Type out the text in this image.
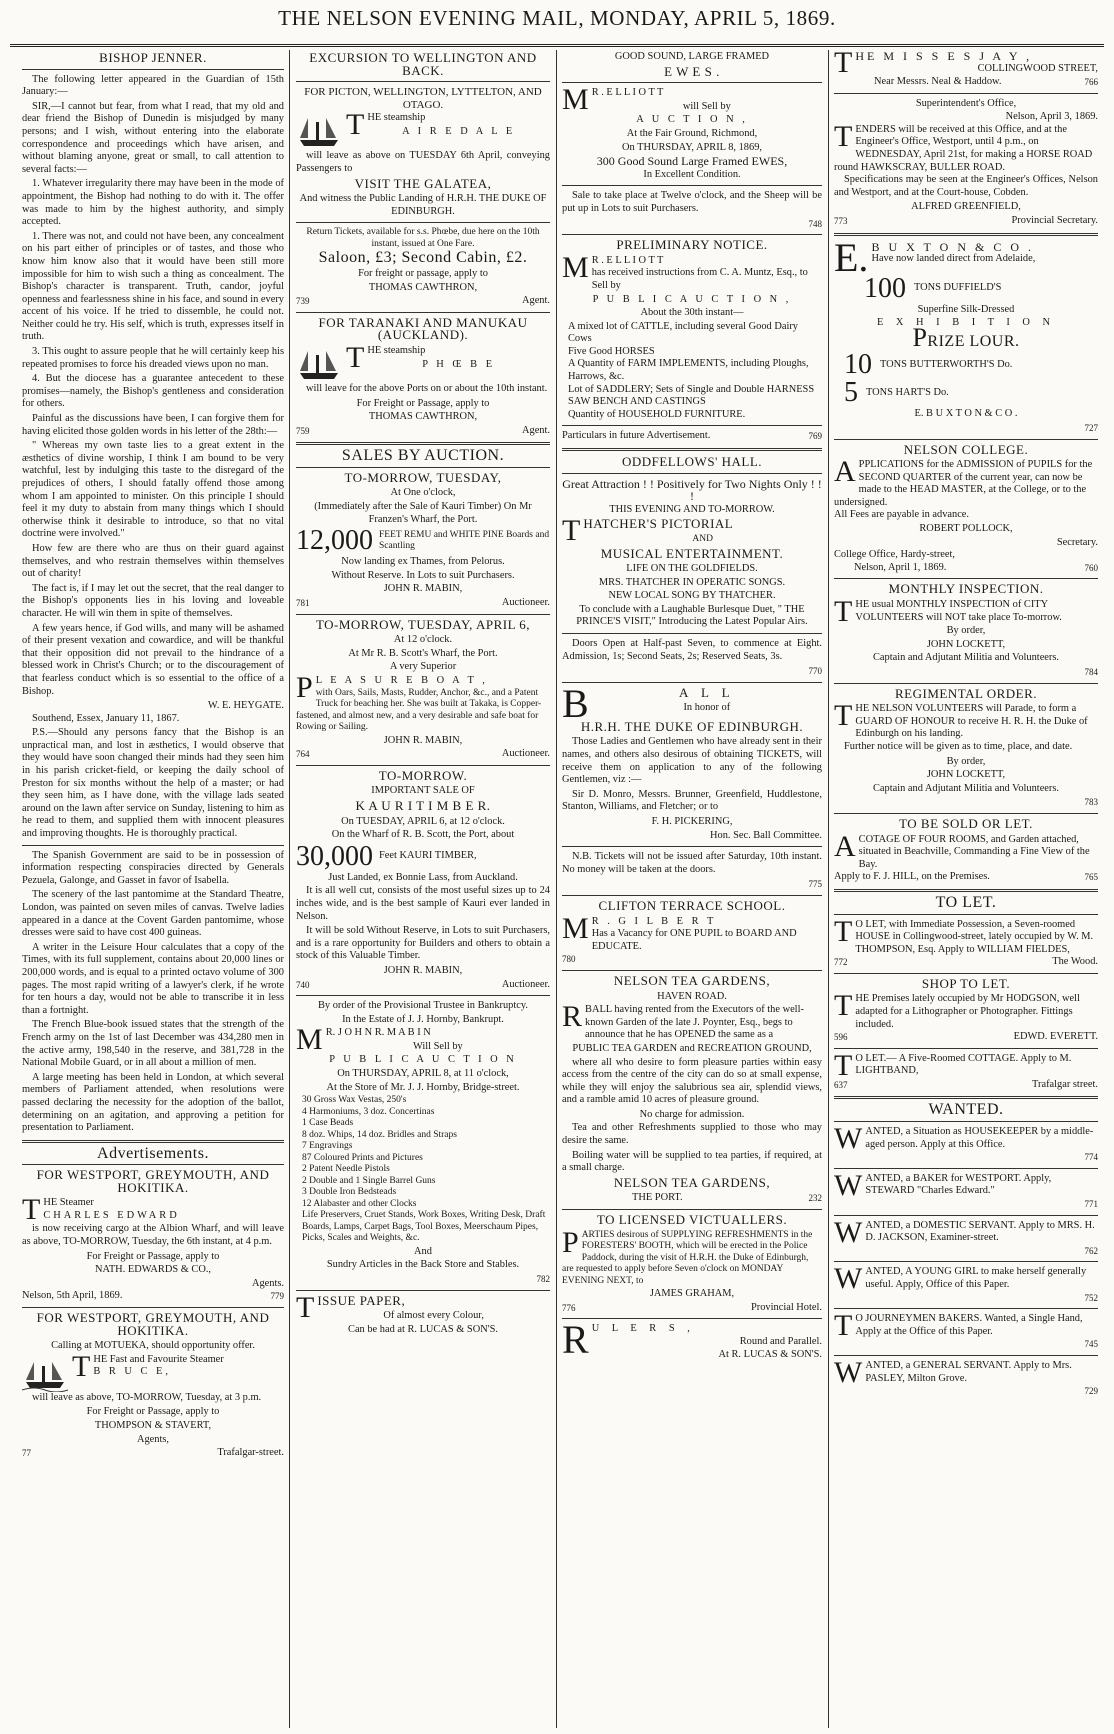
THE NELSON EVENING MAIL, MONDAY, APRIL 5, 1869.
BISHOP JENNER.

The following letter appeared in the Guardian of 15th January:—

SIR,—I cannot but fear, from what I read, that my old and dear friend the Bishop of Dunedin is misjudged by many persons; and I wish, without entering into the elaborate correspondence and proceedings which have arisen, and without blaming anyone, great or small, to call attention to several facts:—

1. Whatever irregularity there may have been in the mode of appointment, the Bishop had nothing to do with it. The offer was made to him by the highest authority, and simply accepted.

1. There was not, and could not have been, any concealment on his part either of principles or of tastes, and those who know him know also that it would have been still more impossible for him to wish such a thing as concealment. The Bishop's character is transparent. Truth, candor, joyful openness and fearlessness shine in his face, and sound in every accent of his voice. If he tried to dissemble, he could not. Neither could he try. His self, which is truth, expresses itself in truth.

3. This ought to assure people that he will certainly keep his repeated promises to force his dreaded views upon no man.

4. But the diocese has a guarantee antecedent to these promises—namely, the Bishop's gentleness and consideration for others.

Painful as the discussions have been, I can forgive them for having elicited those golden words in his letter of the 28th:—

" Whereas my own taste lies to a great extent in the æsthetics of divine worship, I think I am bound to be very watchful, lest by indulging this taste to the disregard of the prejudices of others, I should fatally offend those among whom I am appointed to minister. On this principle I should feel it my duty to abstain from many things which I should otherwise think it desirable to introduce, so that no vital doctrine were involved."

How few are there who are thus on their guard against themselves, and who restrain themselves within themselves out of charity!

The fact is, if I may let out the secret, that the real danger to the Bishop's opponents lies in his loving and loveable character. He will win them in spite of themselves.

A few years hence, if God wills, and many will be ashamed of their present vexation and cowardice, and will be thankful that their opposition did not prevail to the hindrance of a blessed work in Christ's Church; or to the discouragement of that fearless conduct which is so essential to the office of a Bishop.

W. E. HEYGATE.

Southend, Essex, January 11, 1867.

P.S.—Should any persons fancy that the Bishop is an unpractical man, and lost in æsthetics, I would observe that they would have soon changed their minds had they seen him in his parish cricket-field, or keeping the daily school of Preston for six months without the help of a master; or had they seen him, as I have done, with the village lads seated around on the lawn after service on Sunday, listening to him as he read to them, and supplied them with innocent pleasures and improving thoughts. He is thoroughly practical.

The Spanish Government are said to be in possession of information respecting conspiracies directed by Generals Pezuela, Galonge, and Gasset in favor of Isabella.

The scenery of the last pantomime at the Standard Theatre, London, was painted on seven miles of canvas. Twelve ladies appeared in a dance at the Covent Garden pantomime, whose dresses were said to have cost 400 guineas.

A writer in the Leisure Hour calculates that a copy of the Times, with its full supplement, contains about 20,000 lines or 200,000 words, and is equal to a printed octavo volume of 300 pages. The most rapid writing of a lawyer's clerk, if he wrote for ten hours a day, would not be able to transcribe it in less than a fortnight.

The French Blue-book issued states that the strength of the French army on the 1st of last December was 434,280 men in the active army, 198,540 in the reserve, and 381,728 in the National Mobile Guard, or in all about a million of men.

A large meeting has been held in London, at which several members of Parliament attended, when resolutions were passed declaring the necessity for the adoption of the ballot, determining on an agitation, and approving a petition for presentation to Parliament.

Advertisements.
FOR WESTPORT, GREYMOUTH, AND HOKITIKA.
T HE Steamer
CHARLES EDWARD

is now receiving cargo at the Albion Wharf, and will leave as above, TO-MORROW, Tuesday, the 6th instant, at 4 p.m.

For Freight or Passage, apply to
NATH. EDWARDS & CO.,
Agents.
Nelson, 5th April, 1869.	779
FOR WESTPORT, GREYMOUTH, AND HOKITIKA.
Calling at MOTUEKA, should opportunity offer.
T HE Fast and Favourite Steamer
B R U C E,

will leave as above, TO-MORROW, Tuesday, at 3 p.m.

For Freight or Passage, apply to
THOMPSON & STAVERT,
Agents,
77	Trafalgar-street.
EXCURSION TO WELLINGTON AND BACK.
FOR PICTON, WELLINGTON, LYTTELTON, AND OTAGO.
T HE steamship
A I R E D A L E

will leave as above on TUESDAY 6th April, conveying Passengers to

VISIT THE GALATEA,
And witness the Public Landing of H.R.H. THE DUKE OF EDINBURGH.
Return Tickets, available for s.s. Phœbe, due here on the 10th instant, issued at One Fare.
Saloon, £3; Second Cabin, £2.
For freight or passage, apply to
THOMAS CAWTHRON,
739	Agent.
FOR TARANAKI AND MANUKAU (AUCKLAND).
T HE steamship
P H Œ B E

will leave for the above Ports on or about the 10th instant.

For Freight or Passage, apply to
THOMAS CAWTHRON,
759	Agent.
SALES BY AUCTION.
TO-MORROW, TUESDAY,
At One o'clock,
(Immediately after the Sale of Kauri Timber) On Mr Franzen's Wharf, the Port.
12,000 FEET REMU and WHITE PINE Boards and Scantling
Now landing ex Thames, from Pelorus.
Without Reserve. In Lots to suit Purchasers.
JOHN R. MABIN,
781	Auctioneer.
TO-MORROW, TUESDAY, APRIL 6,
At 12 o'clock.
At Mr R. B. Scott's Wharf, the Port.
A very Superior
P L E A S U R E B O A T ,
with Oars, Sails, Masts, Rudder, Anchor, &c., and a Patent Truck for beaching her. She was built at Takaka, is Copper-fastened, and almost new, and a very desirable and safe boat for Rowing or Sailing.
JOHN R. MABIN,
764	Auctioneer.
TO-MORROW.
IMPORTANT SALE OF
K A U R I T I M B E R.
On TUESDAY, APRIL 6, at 12 o'clock.
On the Wharf of R. B. Scott, the Port, about
30,000 Feet KAURI TIMBER,
Just Landed, ex Bonnie Lass, from Auckland.

It is all well cut, consists of the most useful sizes up to 24 inches wide, and is the best sample of Kauri ever landed in Nelson.

It will be sold Without Reserve, in Lots to suit Purchasers, and is a rare opportunity for Builders and others to obtain a stock of this Valuable Timber.

JOHN R. MABIN,
740	Auctioneer.
By order of the Provisional Trustee in Bankruptcy.
In the Estate of J. J. Hornby, Bankrupt.
M R. J O H N R. M A B I N
Will Sell by
P U B L I C A U C T I O N
On THURSDAY, APRIL 8, at 11 o'clock,
At the Store of Mr. J. J. Hornby, Bridge-street.
30 Gross Wax Vestas, 250's
4 Harmoniums, 3 doz. Concertinas
1 Case Beads
8 doz. Whips, 14 doz. Bridles and Straps
7 Engravings
87 Coloured Prints and Pictures
2 Patent Needle Pistols
2 Double and 1 Single Barrel Guns
3 Double Iron Bedsteads
12 Alabaster and other Clocks
Life Preservers, Cruet Stands, Work Boxes, Writing Desk, Draft Boards, Lamps, Carpet Bags, Tool Boxes, Meerschaum Pipes, Picks, Scales and Weights, &c.
And
Sundry Articles in the Back Store and Stables.
782
T ISSUE PAPER,
Of almost every Colour,
Can be had at R. LUCAS & SON'S.
GOOD SOUND, LARGE FRAMED
E W E S .
M R . E L L I O T T
will Sell by
A U C T I O N ,
At the Fair Ground, Richmond,
On THURSDAY, APRIL 8, 1869,
300 Good Sound Large Framed EWES,
In Excellent Condition.

Sale to take place at Twelve o'clock, and the Sheep will be put up in Lots to suit Purchasers.

748
PRELIMINARY NOTICE.
M R . E L L I O T T
has received instructions from C. A. Muntz, Esq., to Sell by
P U B L I C A U C T I O N ,
About the 30th instant—
A mixed lot of CATTLE, including several Good Dairy Cows
Five Good HORSES
A Quantity of FARM IMPLEMENTS, including Ploughs, Harrows, &c.
Lot of SADDLERY; Sets of Single and Double HARNESS
SAW BENCH AND CASTINGS
Quantity of HOUSEHOLD FURNITURE.
Particulars in future Advertisement.	769
ODDFELLOWS' HALL.
Great Attraction ! ! Positively for Two Nights Only ! ! !
THIS EVENING AND TO-MORROW.
T HATCHER'S PICTORIAL
AND
MUSICAL ENTERTAINMENT.
LIFE ON THE GOLDFIELDS.
MRS. THATCHER IN OPERATIC SONGS.
NEW LOCAL SONG BY THATCHER.
To conclude with a Laughable Burlesque Duet, " THE PRINCE'S VISIT," Introducing the Latest Popular Airs.

Doors Open at Half-past Seven, to commence at Eight. Admission, 1s; Second Seats, 2s; Reserved Seats, 3s.

770
B	A L L
In honor of
H.R.H. THE DUKE OF EDINBURGH.

Those Ladies and Gentlemen who have already sent in their names, and others also desirous of obtaining TICKETS, will receive them on application to any of the following Gentlemen, viz :—

Sir D. Monro, Messrs. Brunner, Greenfield, Huddlestone, Stanton, Williams, and Fletcher; or to

F. H. PICKERING,
Hon. Sec. Ball Committee.

N.B. Tickets will not be issued after Saturday, 10th instant. No money will be taken at the doors.

775
CLIFTON TERRACE SCHOOL.
M R . G I L B E R T
Has a Vacancy for ONE PUPIL to BOARD AND EDUCATE.
780
NELSON TEA GARDENS,
HAVEN ROAD.
R BALL having rented from the Executors of the well-known Garden of the late J. Poynter, Esq., begs to announce that he has OPENED the same as a
PUBLIC TEA GARDEN and RECREATION GROUND,

where all who desire to form pleasure parties within easy access from the centre of the city can do so at small expense, while they will enjoy the salubrious sea air, splendid views, and a ramble amid 10 acres of pleasure ground.

No charge for admission.

Tea and other Refreshments supplied to those who may desire the same.

Boiling water will be supplied to tea parties, if required, at a small charge.

NELSON TEA GARDENS,
THE PORT.	232
TO LICENSED VICTUALLERS.
P ARTIES desirous of SUPPLYING REFRESHMENTS in the FORESTERS' BOOTH, which will be erected in the Police Paddock, during the visit of H.R.H. the Duke of Edinburgh, are requested to apply before Seven o'clock on MONDAY EVENING NEXT, to
JAMES GRAHAM,
776	Provincial Hotel.
R U L E R S ,
Round and Parallel.
At R. LUCAS & SON'S.
T HE M I S S E S J A Y ,
COLLINGWOOD STREET,
Near Messrs. Neal & Haddow.	766
Superintendent's Office,
Nelson, April 3, 1869.
T ENDERS will be received at this Office, and at the Engineer's Office, Westport, until 4 p.m., on WEDNESDAY, April 21st, for making a HORSE ROAD round HAWKSCRAY, BULLER ROAD.

Specifications may be seen at the Engineer's Offices, Nelson and Westport, and at the Court-house, Cobden.

ALFRED GREENFIELD,
773	Provincial Secretary.
E. B U X T O N & C O .
Have now landed direct from Adelaide,
100 TONS DUFFIELD'S
Superfine Silk-Dressed
E X H I B I T I O N
PRIZE LOUR.
10 TONS BUTTERWORTH'S Do.
5 TONS HART'S Do.
E. B U X T O N & C O .
727
NELSON COLLEGE.
A PPLICATIONS for the ADMISSION of PUPILS for the SECOND QUARTER of the current year, can now be made to the HEAD MASTER, at the College, or to the undersigned.
All Fees are payable in advance.
ROBERT POLLOCK,
Secretary.
College Office, Hardy-street,
Nelson, April 1, 1869.	760
MONTHLY INSPECTION.
T HE usual MONTHLY INSPECTION of CITY VOLUNTEERS will NOT take place To-morrow.
By order,
JOHN LOCKETT,
Captain and Adjutant Militia and Volunteers.
784
REGIMENTAL ORDER.
T HE NELSON VOLUNTEERS will Parade, to form a GUARD OF HONOUR to receive H. R. H. the Duke of Edinburgh on his landing.

Further notice will be given as to time, place, and date.

By order,
JOHN LOCKETT,
Captain and Adjutant Militia and Volunteers.
783
TO BE SOLD OR LET.
A COTAGE OF FOUR ROOMS, and Garden attached, situated in Beachville, Commanding a Fine View of the Bay.
Apply to F. J. HILL, on the Premises.	765
TO LET.
T O LET, with Immediate Possession, a Seven-roomed HOUSE in Collingwood-street, lately occupied by W. M. THOMPSON, Esq. Apply to WILLIAM FIELDES,
772	The Wood.
SHOP TO LET.
T HE Premises lately occupied by Mr HODGSON, well adapted for a Lithographer or Photographer. Fittings included.
596	EDWD. EVERETT.
T O LET.— A Five-Roomed COTTAGE. Apply to M. LIGHTBAND,
637	Trafalgar street.
WANTED.
W ANTED, a Situation as HOUSEKEEPER by a middle-aged person. Apply at this Office.
774
W ANTED, a BAKER for WESTPORT. Apply, STEWARD "Charles Edward."
771
W ANTED, a DOMESTIC SERVANT. Apply to MRS. H. D. JACKSON, Examiner-street.
762
W ANTED, A YOUNG GIRL to make herself generally useful. Apply, Office of this Paper.
752
T O JOURNEYMEN BAKERS. Wanted, a Single Hand, Apply at the Office of this Paper.
745
W ANTED, a GENERAL SERVANT. Apply to Mrs. PASLEY, Milton Grove.
729
